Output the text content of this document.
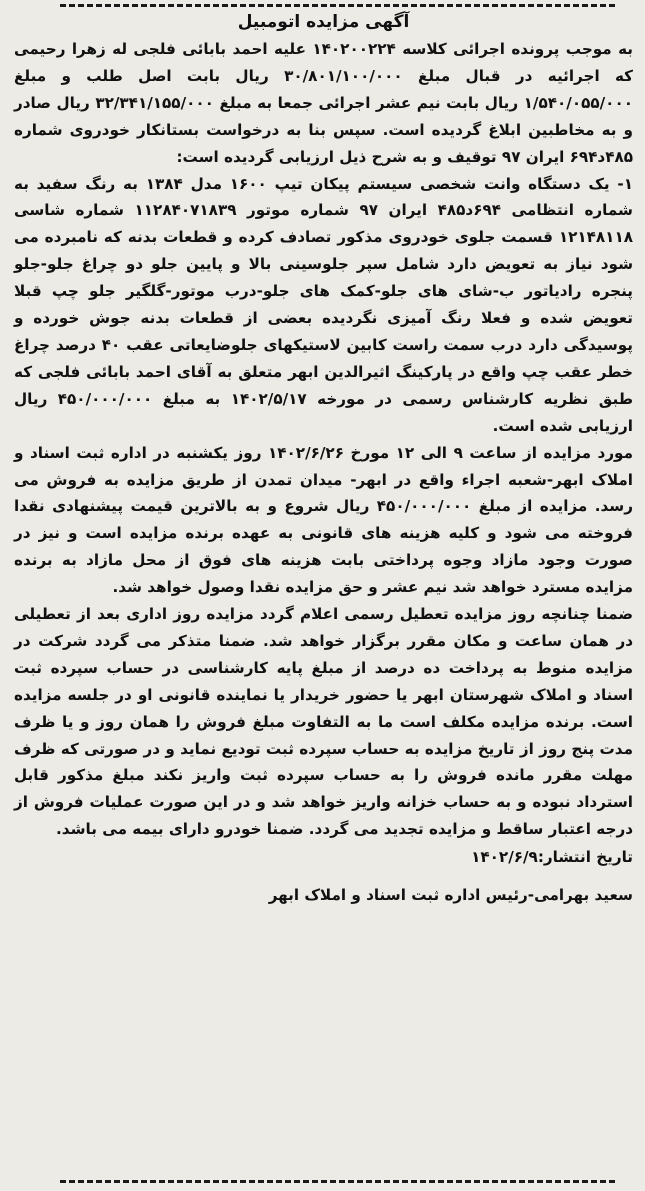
آگهی مزایده اتومبیل

به موجب پرونده اجرائی کلاسه ۱۴۰۲۰۰۲۲۴ علیه احمد بابائی فلجی له زهرا رحیمی که اجرائیه در قبال مبلغ ۳۰/۸۰۱/۱۰۰/۰۰۰ ریال بابت اصل طلب و مبلغ ۱/۵۴۰/۰۵۵/۰۰۰ ریال بابت نیم عشر اجرائی جمعا به مبلغ ۳۲/۳۴۱/۱۵۵/۰۰۰ ریال صادر و به مخاطبین ابلاغ گردیده است. سپس بنا به درخواست بستانکار خودروی شماره ۴۸۵د۶۹۴ ایران ۹۷ توقیف و به شرح ذیل ارزیابی گردیده است:

۱- یک دستگاه وانت شخصی سیستم پیکان تیپ ۱۶۰۰ مدل ۱۳۸۴ به رنگ سفید به شماره انتظامی ۶۹۴د۴۸۵ ایران ۹۷ شماره موتور ۱۱۲۸۴۰۷۱۸۳۹ شماره شاسی ۱۲۱۴۸۱۱۸ قسمت جلوی خودروی مذکور تصادف کرده و قطعات بدنه که نامبرده می شود نیاز به تعویض دارد شامل سپر جلوسینی بالا و پایین جلو دو چراغ جلو-جلو پنجره رادیاتور ب-شای های جلو-کمک های جلو-درب موتور-گلگیر جلو چپ قبلا تعویض شده و فعلا رنگ آمیزی نگردیده بعضی از قطعات بدنه جوش خورده و پوسیدگی دارد درب سمت راست کابین لاستیکهای جلوضایعاتی عقب ۴۰ درصد چراغ خطر عقب چپ واقع در پارکینگ اثیرالدین ابهر متعلق به آقای احمد بابائی فلجی که طبق نظریه کارشناس رسمی در مورخه ۱۴۰۲/۵/۱۷ به مبلغ ۴۵۰/۰۰۰/۰۰۰ ریال ارزیابی شده است.

مورد مزایده از ساعت ۹ الی ۱۲ مورخ ۱۴۰۲/۶/۲۶ روز یکشنبه در اداره ثبت اسناد و املاک ابهر-شعبه اجراء واقع در ابهر- میدان تمدن از طریق مزایده به فروش می رسد. مزایده از مبلغ ۴۵۰/۰۰۰/۰۰۰ ریال شروع و به بالاترین قیمت پیشنهادی نقدا فروخته می شود و کلیه هزینه های قانونی به عهده برنده مزایده است و نیز در صورت وجود مازاد وجوه پرداختی بابت هزینه های فوق از محل مازاد به برنده مزایده مسترد خواهد شد نیم عشر و حق مزایده نقدا وصول خواهد شد.

ضمنا چنانچه روز مزایده تعطیل رسمی اعلام گردد مزایده روز اداری بعد از تعطیلی در همان ساعت و مکان مقرر برگزار خواهد شد. ضمنا متذکر می گردد شرکت در مزایده منوط به پرداخت ده درصد از مبلغ پایه کارشناسی در حساب سپرده ثبت اسناد و املاک شهرستان ابهر یا حضور خریدار یا نماینده قانونی او در جلسه مزایده است. برنده مزایده مکلف است ما به التفاوت مبلغ فروش را همان روز و یا ظرف مدت پنج روز از تاریخ مزایده به حساب سپرده ثبت تودیع نماید و در صورتی که ظرف مهلت مقرر مانده فروش را به حساب سپرده ثبت واریز نکند مبلغ مذکور قابل استرداد نبوده و به حساب خزانه واریز خواهد شد و در این صورت عملیات فروش از درجه اعتبار ساقط و مزایده تجدید می گردد. ضمنا خودرو دارای بیمه می باشد.

تاریخ انتشار:۱۴۰۲/۶/۹

سعید بهرامی-رئیس اداره ثبت اسناد و املاک ابهر
